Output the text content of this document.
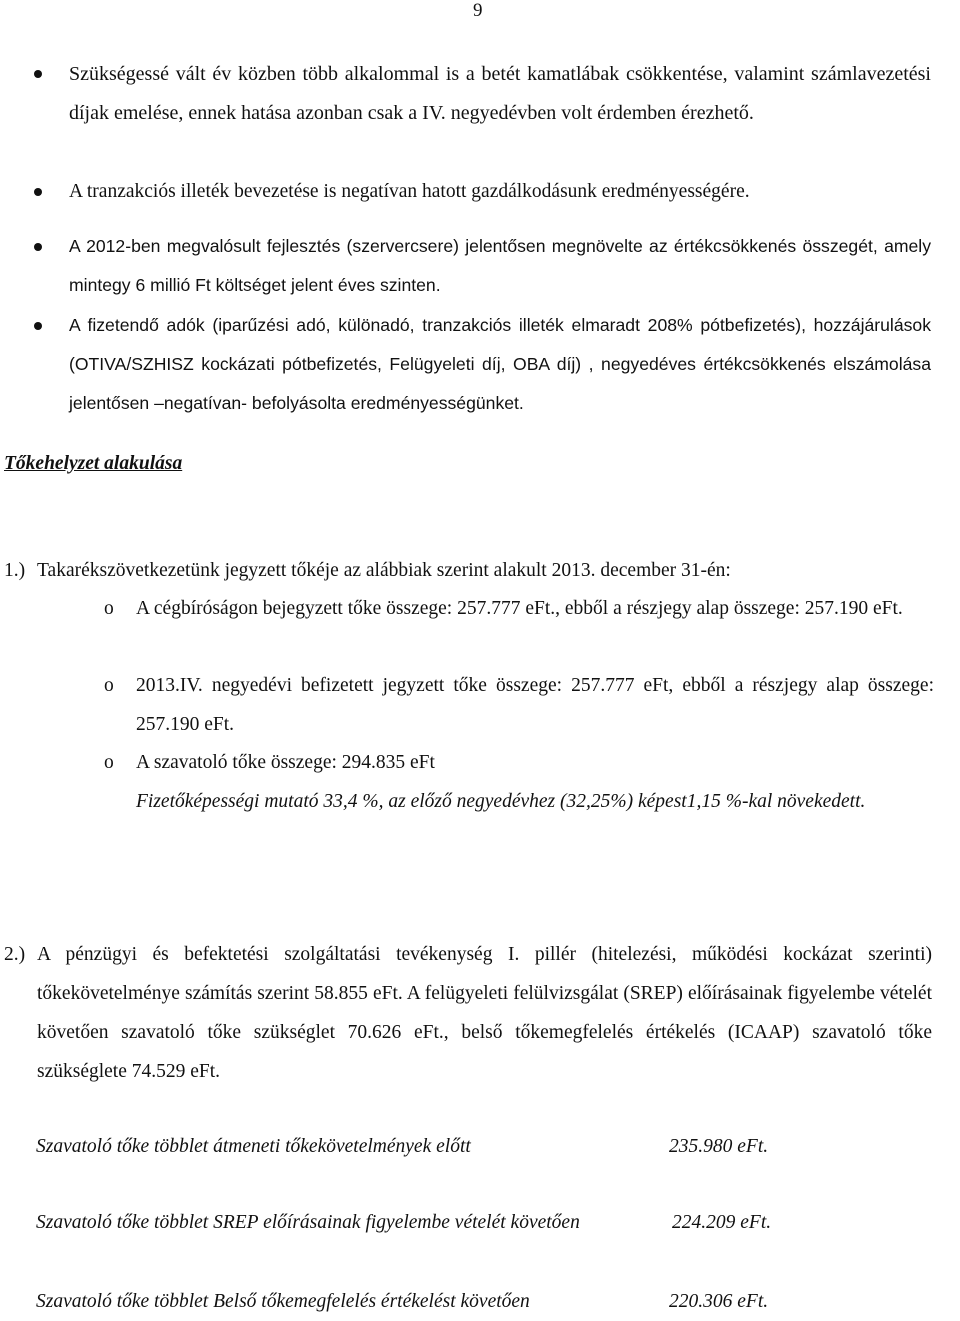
9
Szükségessé vált év közben több alkalommal is a betét kamatlábak csökkentése, valamint számlavezetési díjak emelése, ennek hatása azonban csak a IV. negyedévben volt érdemben érezhető.
A tranzakciós illeték bevezetése is negatívan hatott gazdálkodásunk eredményességére.
A 2012-ben megvalósult fejlesztés (szervercsere) jelentősen megnövelte az értékcsökkenés összegét, amely mintegy 6 millió Ft költséget jelent éves szinten.
A fizetendő adók (iparűzési adó, különadó, tranzakciós illeték elmaradt 208% pótbefizetés), hozzájárulások (OTIVA/SZHISZ kockázati pótbefizetés, Felügyeleti díj, OBA díj) , negyedéves értékcsökkenés elszámolása jelentősen –negatívan- befolyásolta eredményességünket.
Tőkehelyzet alakulása
1.) Takarékszövetkezetünk jegyzett tőkéje az alábbiak szerint alakult 2013. december 31-én:
o A cégbíróságon bejegyzett tőke összege: 257.777 eFt., ebből a részjegy alap összege: 257.190 eFt.
o 2013.IV. negyedévi befizetett jegyzett tőke összege: 257.777 eFt, ebből a részjegy alap összege: 257.190 eFt.
o A szavatoló tőke összege: 294.835 eFt
Fizetőképességi mutató 33,4 %, az előző negyedévhez (32,25%) képest1,15 %-kal növekedett.
2.) A pénzügyi és befektetési szolgáltatási tevékenység I. pillér (hitelezési, működési kockázat szerinti) tőkekövetelménye számítás szerint 58.855 eFt. A felügyeleti felülvizsgálat (SREP) előírásainak figyelembe vételét követően szavatoló tőke szükséglet 70.626 eFt., belső tőkemegfelelés értékelés (ICAAP) szavatoló tőke szükséglete 74.529 eFt.
Szavatoló tőke többlet átmeneti tőkekövetelmények előtt	235.980 eFt.
Szavatoló tőke többlet SREP előírásainak figyelembe vételét követően	224.209 eFt.
Szavatoló tőke többlet Belső tőkemegfelelés értékelést követően	220.306 eFt.
